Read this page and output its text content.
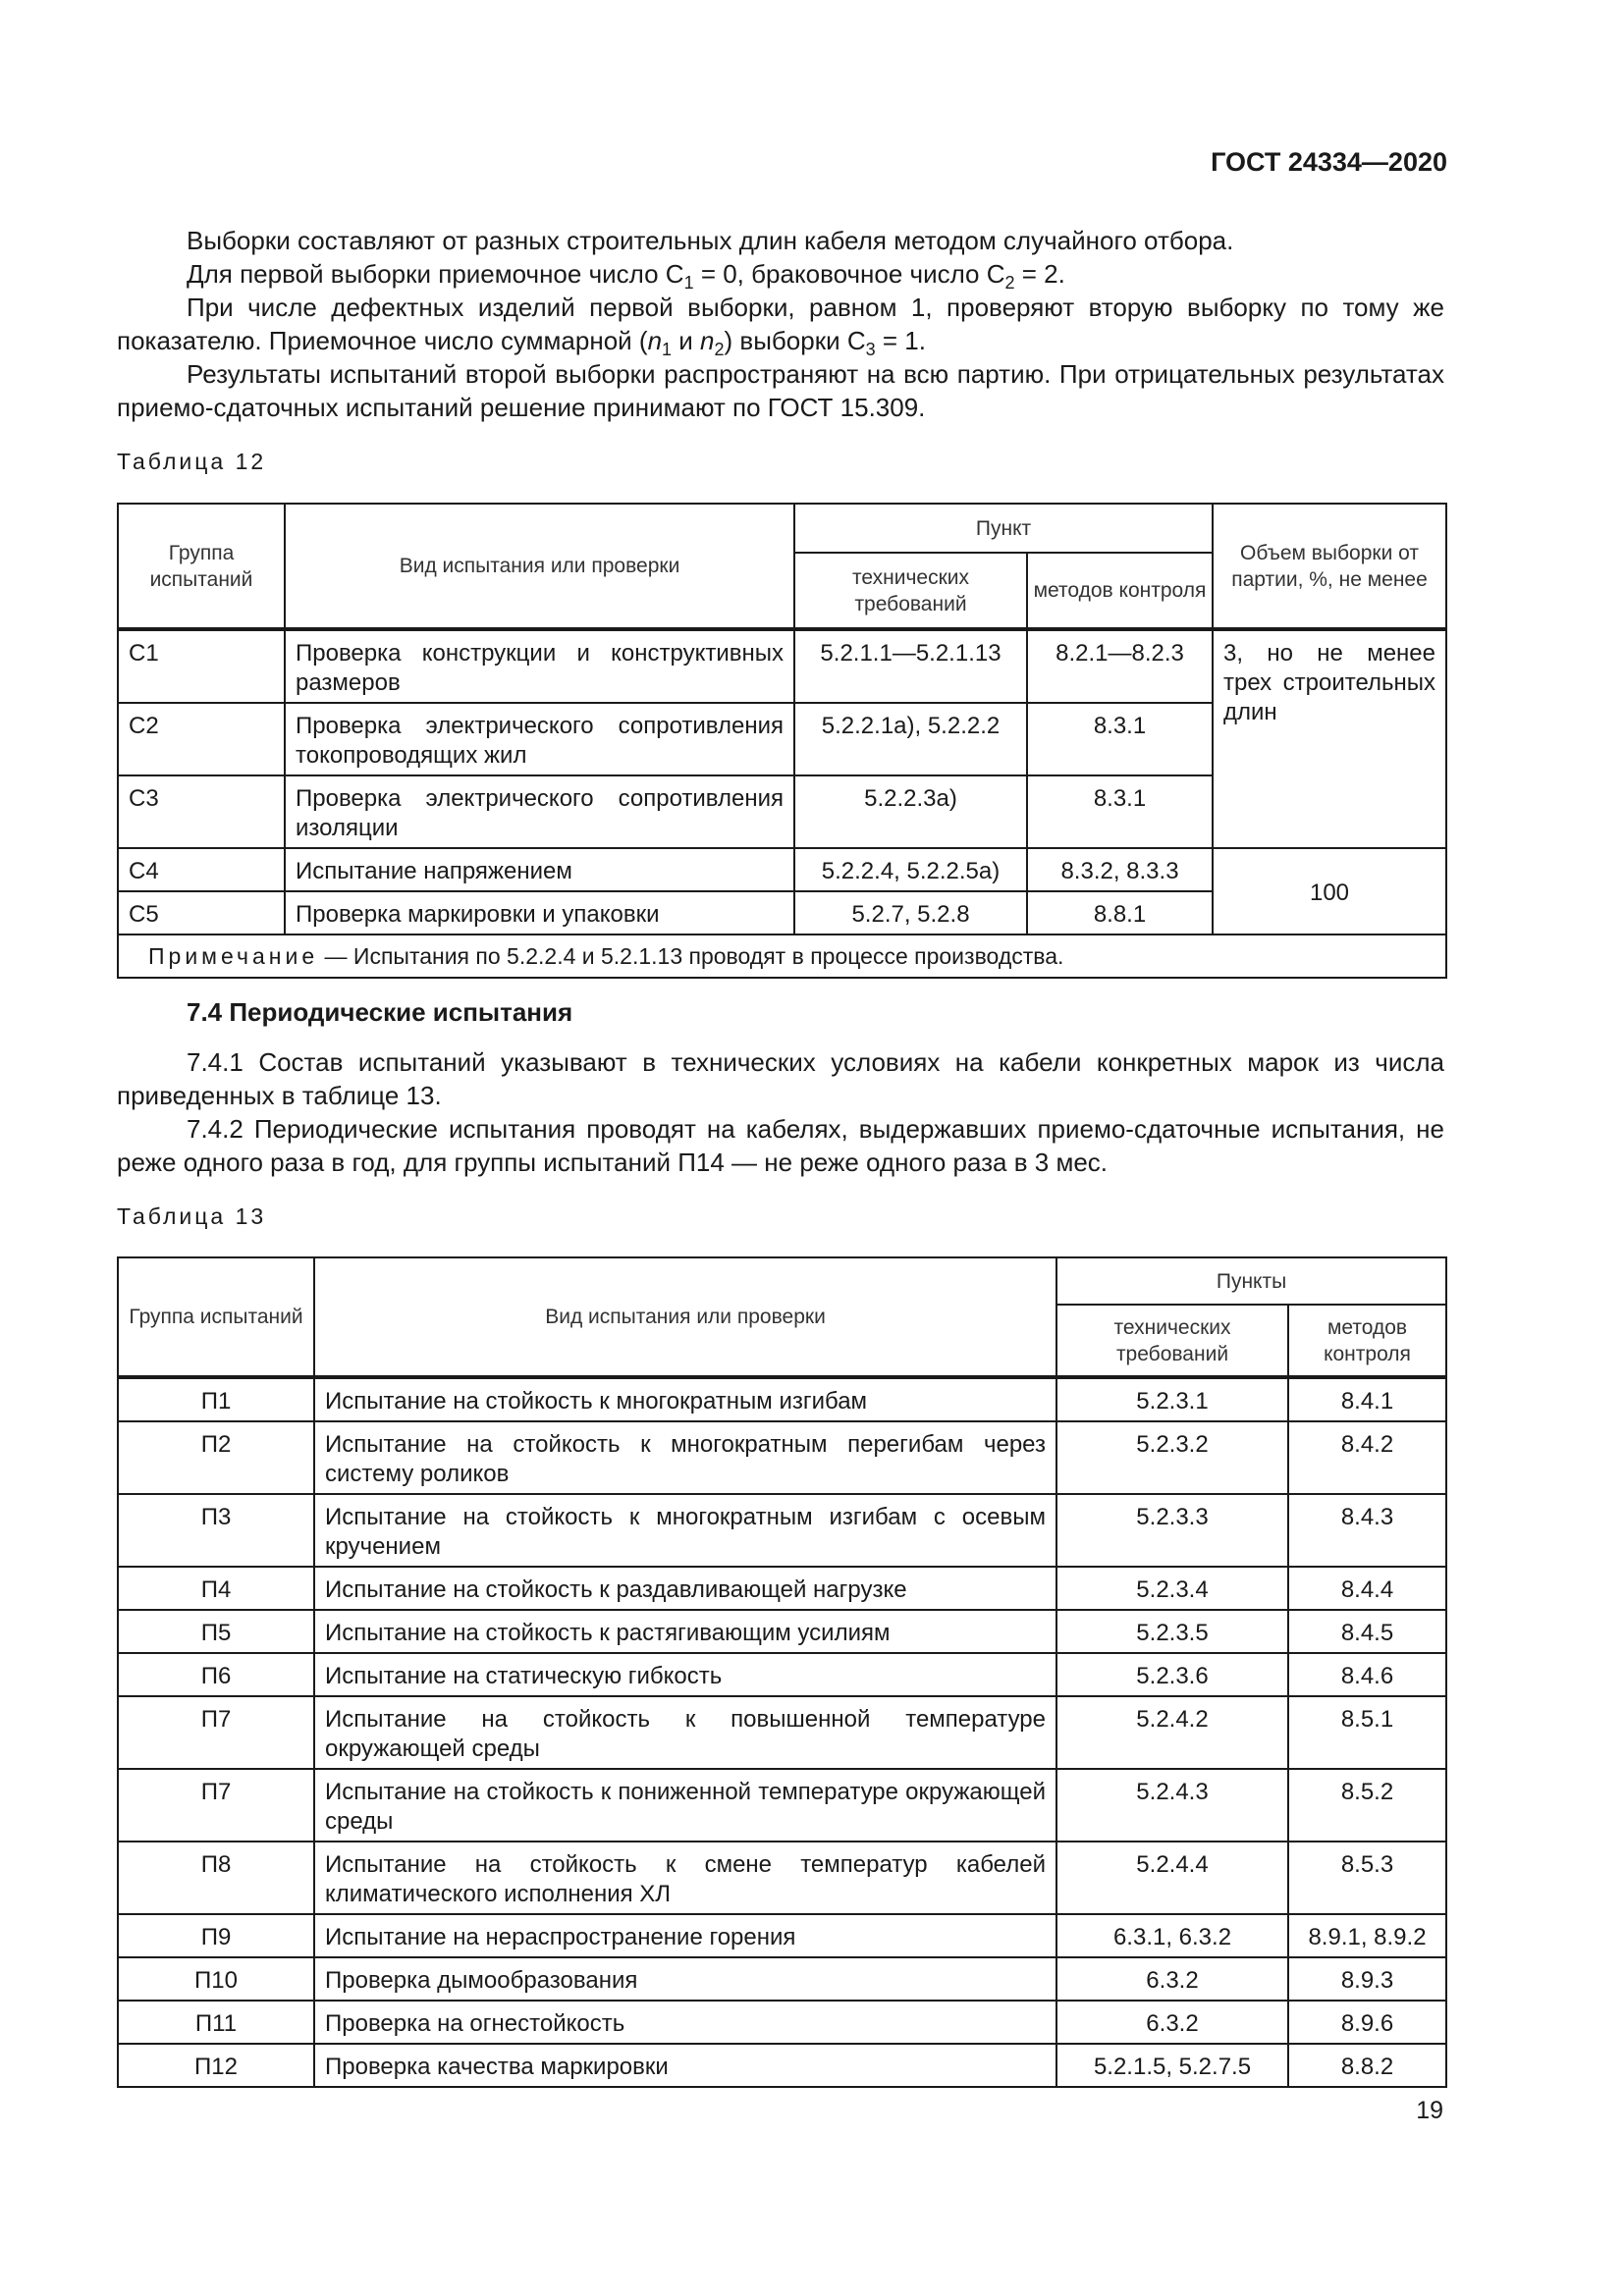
ГОСТ 24334—2020

Выборки составляют от разных строительных длин кабеля методом случайного отбора.

Для первой выборки приемочное число $C_1 = 0$, браковочное число $C_2 = 2$.

При числе дефектных изделий первой выборки, равном 1, проверяют вторую выборку по тому же показателю. Приемочное число суммарной ($n_1$ и $n_2$) выборки $C_3 = 1$.

Результаты испытаний второй выборки распространяют на всю партию. При отрицательных результатах приемо-сдаточных испытаний решение принимают по ГОСТ 15.309.

Таблица 12
Группа испытаний	Вид испытания или проверки	Пункт		Объем выборки от партии, %, не менее
		технических требований	методов контроля	
С1	Проверка конструкции и конструктивных размеров	5.2.1.1—5.2.1.13	8.2.1—8.2.3	3, но не менее трех строительных длин
С2	Проверка электрического сопротивления токопроводящих жил	5.2.2.1а), 5.2.2.2	8.3.1	
С3	Проверка электрического сопротивления изоляции	5.2.2.3а)	8.3.1	
С4	Испытание напряжением	5.2.2.4, 5.2.2.5а)	8.3.2, 8.3.3	100
С5	Проверка маркировки и упаковки	5.2.7, 5.2.8	8.8.1	
Примечание — Испытания по 5.2.2.4 и 5.2.1.13 проводят в процессе производства.				
7.4 Периодические испытания

7.4.1 Состав испытаний указывают в технических условиях на кабели конкретных марок из числа приведенных в таблице 13.

7.4.2 Периодические испытания проводят на кабелях, выдержавших приемо-сдаточные испытания, не реже одного раза в год, для группы испытаний П14 — не реже одного раза в 3 мес.

Таблица 13
Группа испытаний	Вид испытания или проверки	Пункты	
		технических требований	методов контроля
П1	Испытание на стойкость к многократным изгибам	5.2.3.1	8.4.1
П2	Испытание на стойкость к многократным перегибам через систему роликов	5.2.3.2	8.4.2
П3	Испытание на стойкость к многократным изгибам с осевым кручением	5.2.3.3	8.4.3
П4	Испытание на стойкость к раздавливающей нагрузке	5.2.3.4	8.4.4
П5	Испытание на стойкость к растягивающим усилиям	5.2.3.5	8.4.5
П6	Испытание на статическую гибкость	5.2.3.6	8.4.6
П7	Испытание на стойкость к повышенной температуре окружающей среды	5.2.4.2	8.5.1
П7	Испытание на стойкость к пониженной температуре окружающей среды	5.2.4.3	8.5.2
П8	Испытание на стойкость к смене температур кабелей климатического исполнения ХЛ	5.2.4.4	8.5.3
П9	Испытание на нераспространение горения	6.3.1, 6.3.2	8.9.1, 8.9.2
П10	Проверка дымообразования	6.3.2	8.9.3
П11	Проверка на огнестойкость	6.3.2	8.9.6
П12	Проверка качества маркировки	5.2.1.5, 5.2.7.5	8.8.2
19
